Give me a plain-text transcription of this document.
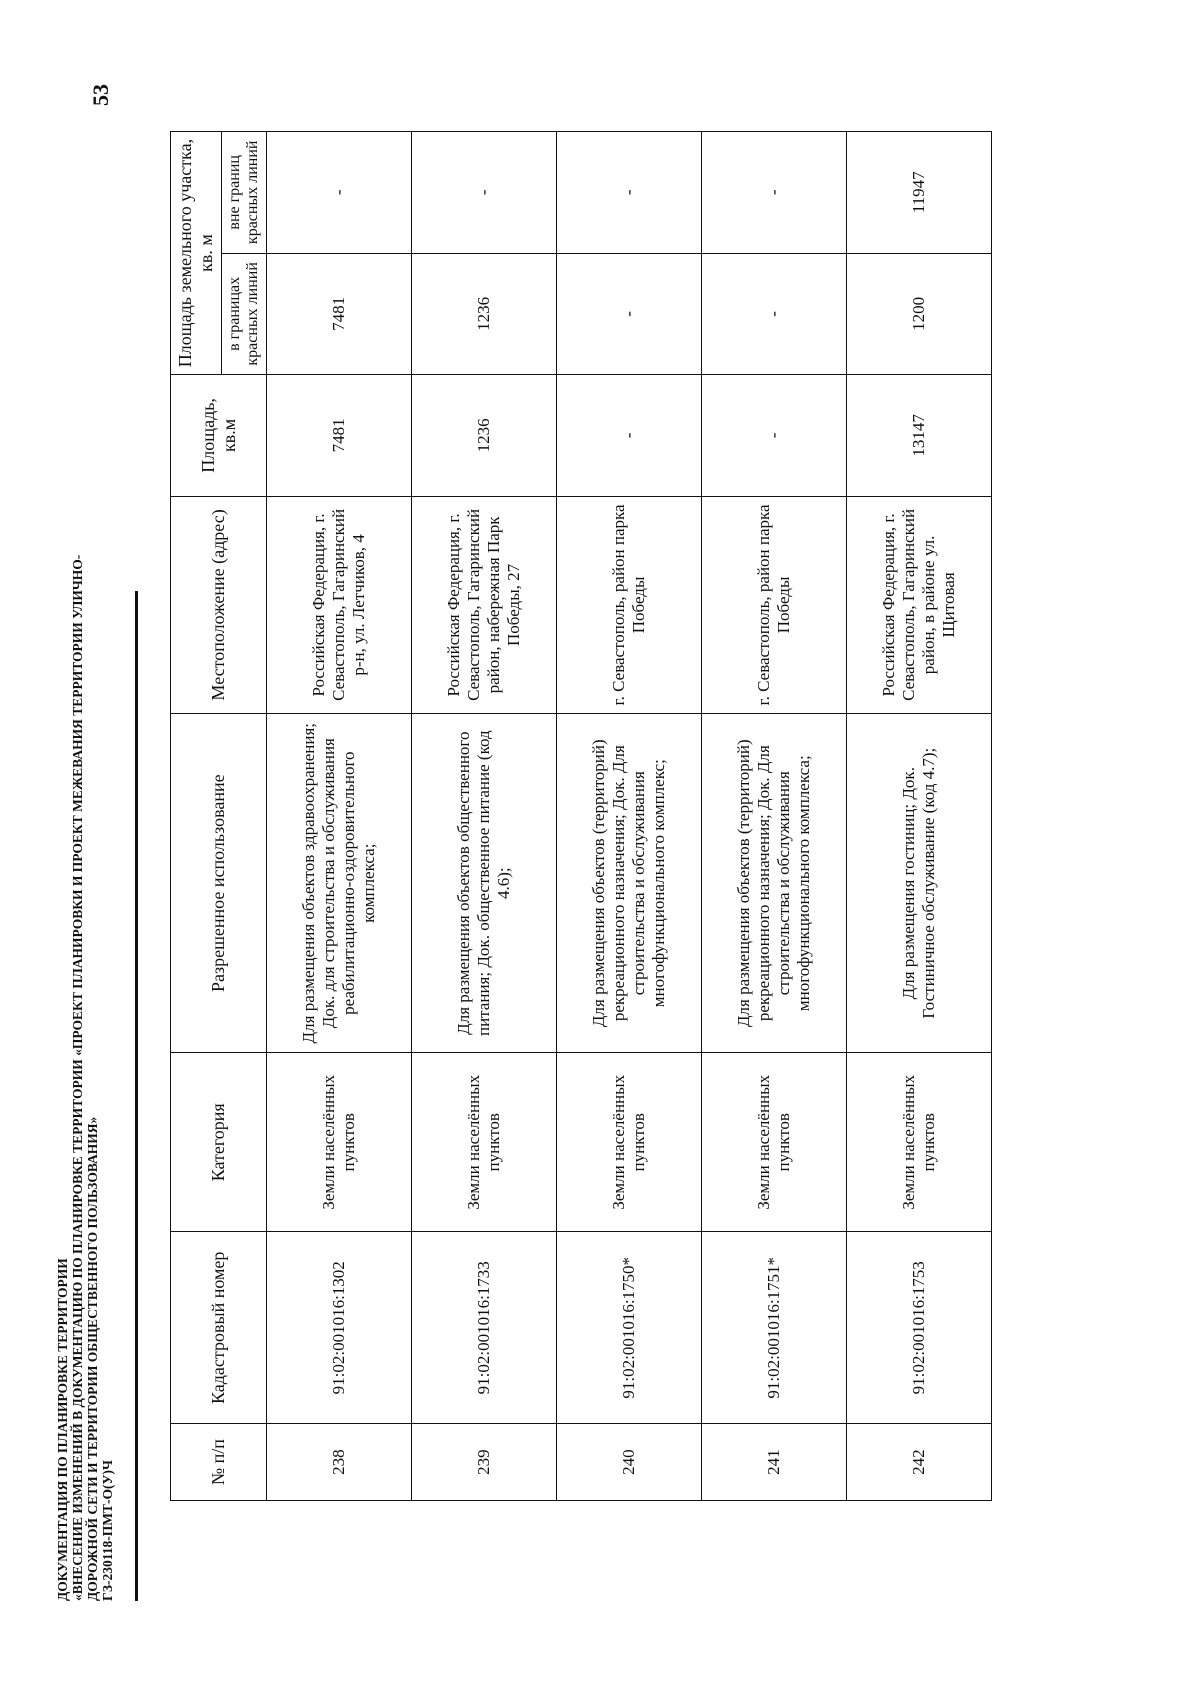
53
ДОКУМЕНТАЦИЯ ПО ПЛАНИРОВКЕ ТЕРРИТОРИИ «ВНЕСЕНИЕ ИЗМЕНЕНИЙ В ДОКУМЕНТАЦИЮ ПО ПЛАНИРОВКЕ ТЕРРИТОРИИ «ПРОЕКТ ПЛАНИРОВКИ И ПРОЕКТ МЕЖЕВАНИЯ ТЕРРИТОРИИ УЛИЧНО- ДОРОЖНОЙ СЕТИ И ТЕРРИТОРИИ ОБЩЕСТВЕННОГО ПОЛЬЗОВАНИЯ» ГЗ-230118-ПМТ-О(У)Ч	№ п/п	Кадастровый номер	Категория	Разрешенное использование	Местоположение (адрес)	Площадь, кв.м	Площадь земельного участка, кв. м	
						в границах красных линий	вне границ красных линий
238	91:02:001016:1302	Земли населённых пунктов	Для размещения объектов здравоохранения; Док. для строительства и обслуживания реабилитационно-оздоровительного комплекса;	Российская Федерация, г. Севастополь, Гагаринский р-н, ул. Летчиков, 4	7481	7481	-
239	91:02:001016:1733	Земли населённых пунктов	Для размещения объектов общественного питания; Док. общественное питание (код 4.6);	Российская Федерация, г. Севастополь, Гагаринский район, набережная Парк Победы, 27	1236	1236	-
240	91:02:001016:1750*	Земли населённых пунктов	Для размещения объектов (территорий) рекреационного назначения; Док. Для строительства и обслуживания многофункционального комплекс;	г. Севастополь, район парка Победы	-	-	-
241	91:02:001016:1751*	Земли населённых пунктов	Для размещения объектов (территорий) рекреационного назначения; Док. Для строительства и обслуживания многофункционального комплекса;	г. Севастополь, район парка Победы	-	-	-
242	91:02:001016:1753	Земли населённых пунктов	Для размещения гостиниц; Док. Гостиничное обслуживание (код 4.7);	Российская Федерация, г. Севастополь, Гагаринский район, в районе ул. Щитовая	13147	1200	11947
